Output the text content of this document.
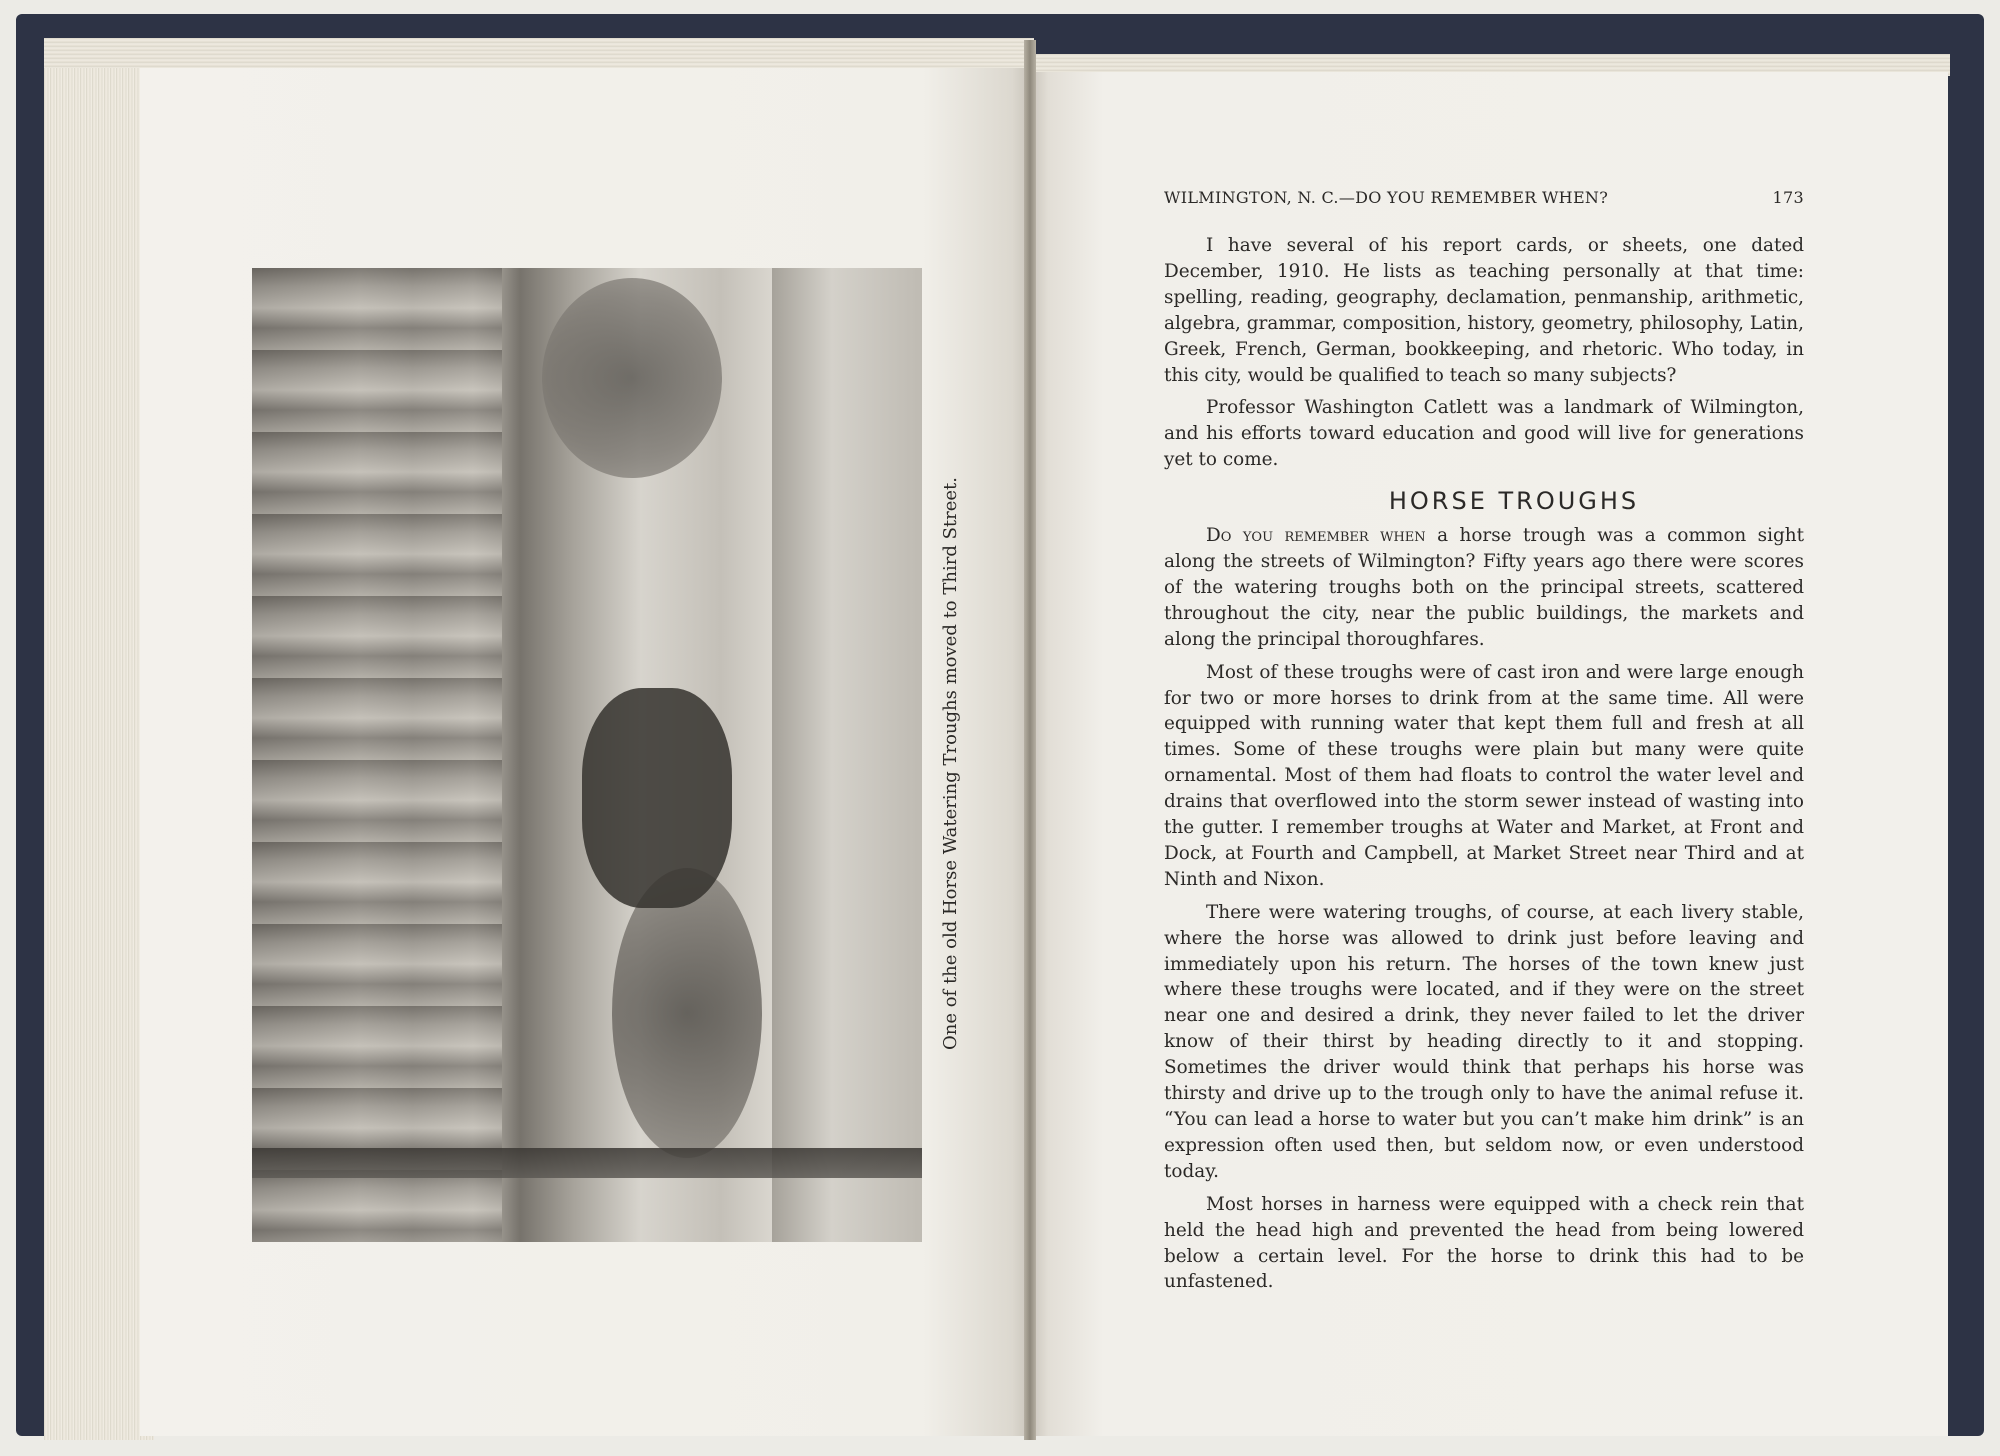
One of the old Horse Watering Troughs moved to Third Street.
WILMINGTON, N. C.—DO YOU REMEMBER WHEN?	173

I have several of his report cards, or sheets, one dated December, 1910. He lists as teaching personally at that time: spelling, reading, geography, declamation, penmanship, arithmetic, algebra, grammar, composition, history, geometry, philosophy, Latin, Greek, French, German, bookkeeping, and rhetoric. Who today, in this city, would be qualified to teach so many subjects?

Professor Washington Catlett was a landmark of Wilmington, and his efforts toward education and good will live for generations yet to come.

HORSE TROUGHS

Do you remember when a horse trough was a common sight along the streets of Wilmington? Fifty years ago there were scores of the watering troughs both on the principal streets, scattered throughout the city, near the public buildings, the markets and along the principal thoroughfares.

Most of these troughs were of cast iron and were large enough for two or more horses to drink from at the same time. All were equipped with running water that kept them full and fresh at all times. Some of these troughs were plain but many were quite ornamental. Most of them had floats to control the water level and drains that overflowed into the storm sewer instead of wasting into the gutter. I remember troughs at Water and Market, at Front and Dock, at Fourth and Campbell, at Market Street near Third and at Ninth and Nixon.

There were watering troughs, of course, at each livery stable, where the horse was allowed to drink just before leaving and immediately upon his return. The horses of the town knew just where these troughs were located, and if they were on the street near one and desired a drink, they never failed to let the driver know of their thirst by heading directly to it and stopping. Sometimes the driver would think that perhaps his horse was thirsty and drive up to the trough only to have the animal refuse it. “You can lead a horse to water but you can’t make him drink” is an expression often used then, but seldom now, or even understood today.

Most horses in harness were equipped with a check rein that held the head high and prevented the head from being lowered below a certain level. For the horse to drink this had to be unfastened.
